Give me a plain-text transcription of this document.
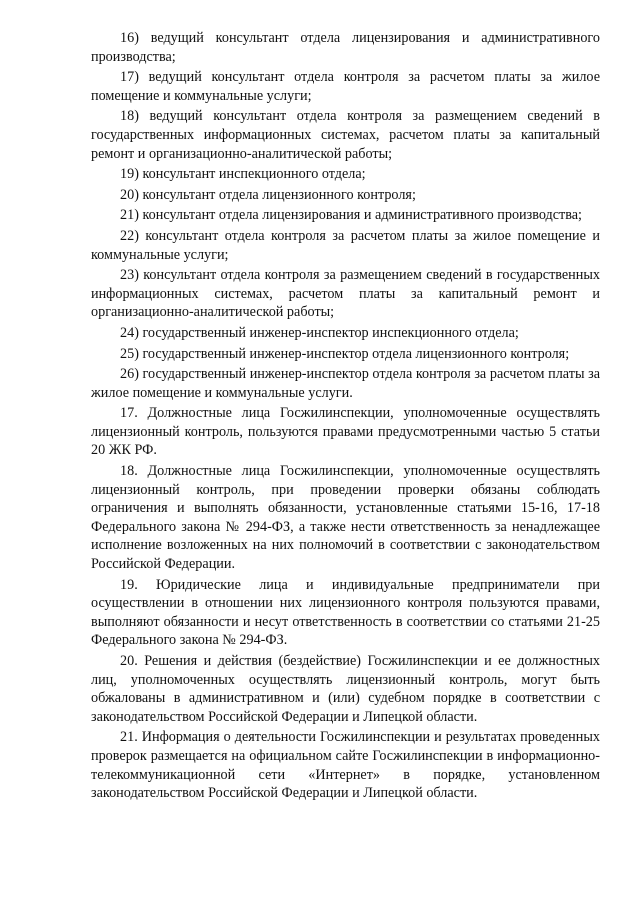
16) ведущий консультант отдела лицензирования и административного производства;

17) ведущий консультант отдела контроля за расчетом платы за жилое помещение и коммунальные услуги;

18) ведущий консультант отдела контроля за размещением сведений в государственных информационных системах, расчетом платы за капитальный ремонт и организационно-аналитической работы;

19) консультант инспекционного отдела;

20) консультант отдела лицензионного контроля;

21) консультант отдела лицензирования и административного производства;

22) консультант отдела контроля за расчетом платы за жилое помещение и коммунальные услуги;

23) консультант отдела контроля за размещением сведений в государственных информационных системах, расчетом платы за капитальный ремонт и организационно-аналитической работы;

24) государственный инженер-инспектор инспекционного отдела;

25) государственный инженер-инспектор отдела лицензионного контроля;

26) государственный инженер-инспектор отдела контроля за расчетом платы за жилое помещение и коммунальные услуги.

17. Должностные лица Госжилинспекции, уполномоченные осуществлять лицензионный контроль, пользуются правами предусмотренными частью 5 статьи 20 ЖК РФ.

18. Должностные лица Госжилинспекции, уполномоченные осуществлять лицензионный контроль, при проведении проверки обязаны соблюдать ограничения и выполнять обязанности, установленные статьями 15-16, 17-18 Федерального закона № 294-ФЗ, а также нести ответственность за ненадлежащее исполнение возложенных на них полномочий в соответствии с законодательством Российской Федерации.

19. Юридические лица и индивидуальные предприниматели при осуществлении в отношении них лицензионного контроля пользуются правами, выполняют обязанности и несут ответственность в соответствии со статьями 21-25 Федерального закона № 294-ФЗ.

20. Решения и действия (бездействие) Госжилинспекции и ее должностных лиц, уполномоченных осуществлять лицензионный контроль, могут быть обжалованы в административном и (или) судебном порядке в соответствии с законодательством Российской Федерации и Липецкой области.

21. Информация о деятельности Госжилинспекции и результатах проведенных проверок размещается на официальном сайте Госжилинспекции в информационно-телекоммуникационной сети «Интернет» в порядке, установленном законодательством Российской Федерации и Липецкой области.
